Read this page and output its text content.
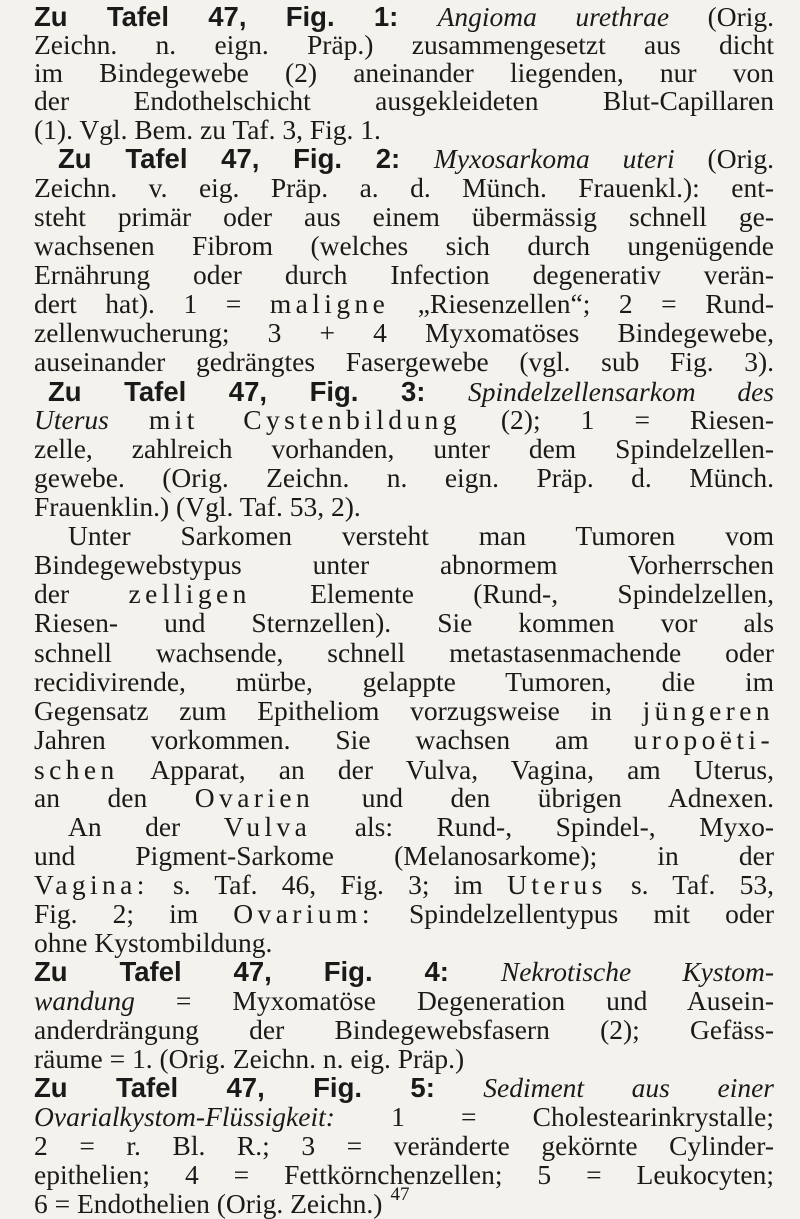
Zu Tafel 47, Fig. 1: Angioma urethrae (Orig.
Zeichn. n. eign. Präp.) zusammengesetzt aus dicht
im Bindegewebe (2) aneinander liegenden, nur von
der Endothelschicht ausgekleideten Blut-Capillaren
(1). Vgl. Bem. zu Taf. 3, Fig. 1.
Zu Tafel 47, Fig. 2: Myxosarkoma uteri (Orig.
Zeichn. v. eig. Präp. a. d. Münch. Frauenkl.): ent-
steht primär oder aus einem übermässig schnell ge-
wachsenen Fibrom (welches sich durch ungenügende
Ernährung oder durch Infection degenerativ verän-
dert hat). 1 = maligne „Riesenzellen“; 2 = Rund-
zellenwucherung; 3 + 4 Myxomatöses Bindegewebe,
auseinander gedrängtes Fasergewebe (vgl. sub Fig. 3).
Zu Tafel 47, Fig. 3: Spindelzellensarkom des
Uterus mit Cystenbildung (2); 1 = Riesen-
zelle, zahlreich vorhanden, unter dem Spindelzellen-
gewebe. (Orig. Zeichn. n. eign. Präp. d. Münch.
Frauenklin.) (Vgl. Taf. 53, 2).
Unter Sarkomen versteht man Tumoren vom
Bindegewebstypus unter abnormem Vorherrschen
der zelligen Elemente (Rund-, Spindelzellen,
Riesen- und Sternzellen). Sie kommen vor als
schnell wachsende, schnell metastasenmachende oder
recidivirende, mürbe, gelappte Tumoren, die im
Gegensatz zum Epitheliom vorzugsweise in jüngeren
Jahren vorkommen. Sie wachsen am uropoëti-
schen Apparat, an der Vulva, Vagina, am Uterus,
an den Ovarien und den übrigen Adnexen.
An der Vulva als: Rund-, Spindel-, Myxo-
und Pigment-Sarkome (Melanosarkome); in der
Vagina: s. Taf. 46, Fig. 3; im Uterus s. Taf. 53,
Fig. 2; im Ovarium: Spindelzellentypus mit oder
ohne Kystombildung.
Zu Tafel 47, Fig. 4: Nekrotische Kystom-
wandung = Myxomatöse Degeneration und Ausein-
anderdrängung der Bindegewebsfasern (2); Gefäss-
räume = 1. (Orig. Zeichn. n. eig. Präp.)
Zu Tafel 47, Fig. 5: Sediment aus einer
Ovarialkystom-Flüssigkeit: 1 = Cholestearinkrystalle;
2 = r. Bl. R.; 3 = veränderte gekörnte Cylinder-
epithelien; 4 = Fettkörnchenzellen; 5 = Leukocyten;
6 = Endothelien (Orig. Zeichn.) 47
